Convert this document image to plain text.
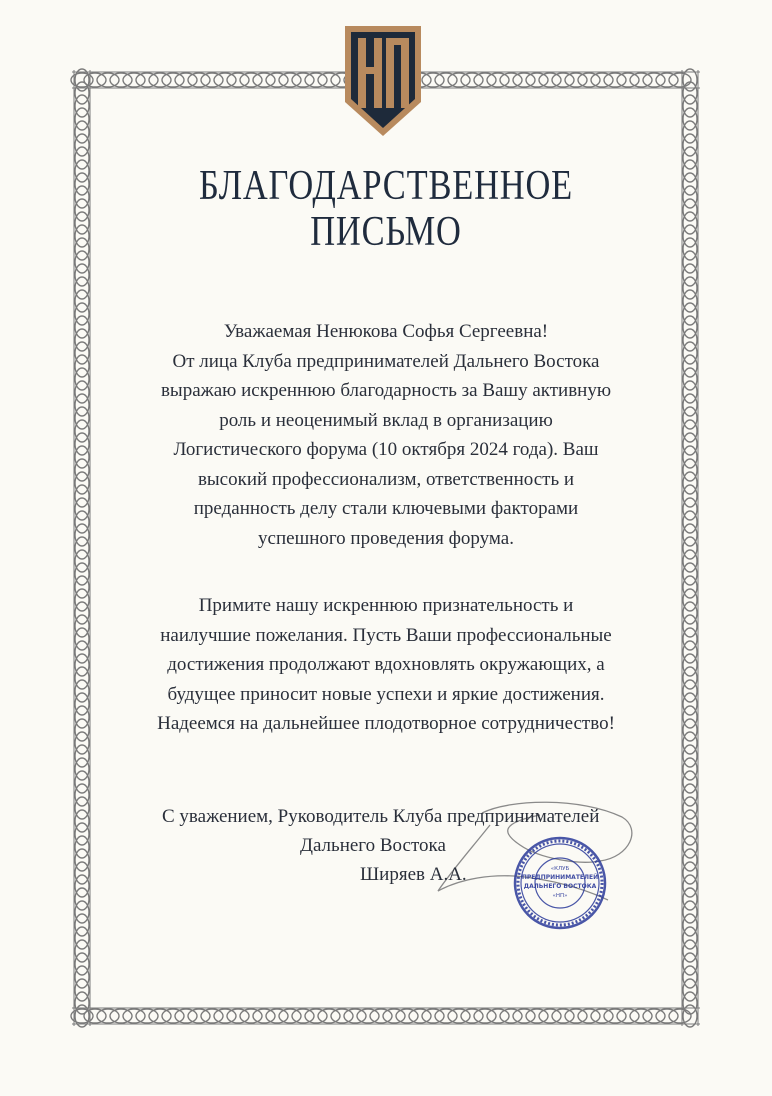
БЛАГОДАРСТВЕННОЕ
ПИСЬМО
Уважаемая Ненюкова Софья Сергеевна!
От лица Клуба предпринимателей Дальнего Востока
выражаю искреннюю благодарность за Вашу активную
роль и неоценимый вклад в организацию
Логистического форума (10 октября 2024 года). Ваш
высокий профессионализм, ответственность и
преданность делу стали ключевыми факторами
успешного проведения форума.
Примите нашу искреннюю признательность и
наилучшие пожелания. Пусть Ваши профессиональные
достижения продолжают вдохновлять окружающих, а
будущее приносит новые успехи и яркие достижения.
Надеемся на дальнейшее плодотворное сотрудничество!
«КЛУБ
ПРЕДПРИНИМАТЕЛЕЙ
ДАЛЬНЕГО ВОСТОКА
«НП»
С уважением, Руководитель Клуба предпринимателей
Дальнего Востока
Ширяев А.А.
